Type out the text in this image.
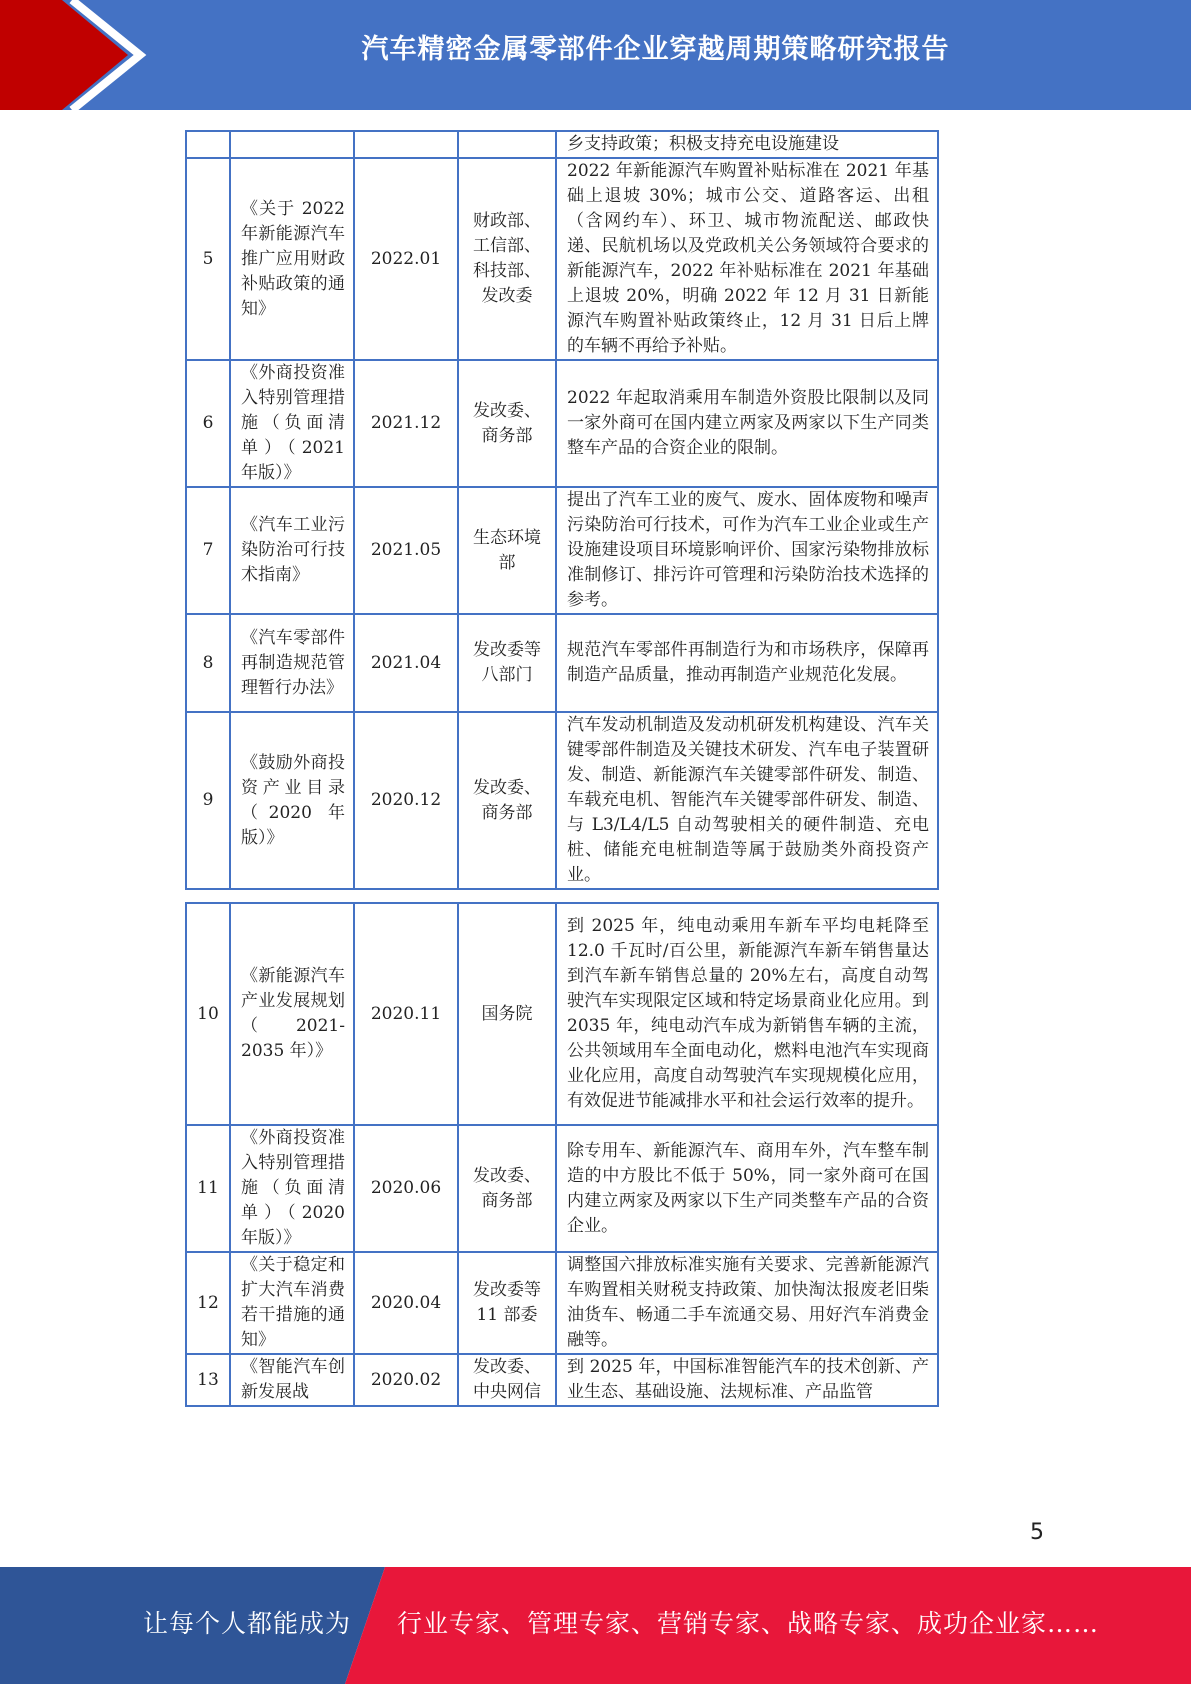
汽车精密金属零部件企业穿越周期策略研究报告
				乡支持政策；积极支持充电设施建设
5	《关于 2022 年新能源汽车推广应用财政补贴政策的通知》	2022.01	财政部、工信部、科技部、发改委	2022 年新能源汽车购置补贴标准在 2021 年基础上退坡 30%；城市公交、道路客运、出租（含网约车）、环卫、城市物流配送、邮政快递、民航机场以及党政机关公务领域符合要求的新能源汽车，2022 年补贴标准在 2021 年基础上退坡 20%，明确 2022 年 12 月 31 日新能源汽车购置补贴政策终止，12 月 31 日后上牌的车辆不再给予补贴。
6	《外商投资准入特别管理措施（负面清单）（2021 年版）》	2021.12	发改委、商务部	2022 年起取消乘用车制造外资股比限制以及同一家外商可在国内建立两家及两家以下生产同类整车产品的合资企业的限制。
7	《汽车工业污染防治可行技术指南》	2021.05	生态环境部	提出了汽车工业的废气、废水、固体废物和噪声污染防治可行技术，可作为汽车工业企业或生产设施建设项目环境影响评价、国家污染物排放标准制修订、排污许可管理和污染防治技术选择的参考。
8	《汽车零部件再制造规范管理暂行办法》	2021.04	发改委等八部门	规范汽车零部件再制造行为和市场秩序，保障再制造产品质量，推动再制造产业规范化发展。
9	《鼓励外商投资产业目录（2020 年版）》	2020.12	发改委、商务部	汽车发动机制造及发动机研发机构建设、汽车关键零部件制造及关键技术研发、汽车电子装置研发、制造、新能源汽车关键零部件研发、制造、车载充电机、智能汽车关键零部件研发、制造、与 L3/L4/L5 自动驾驶相关的硬件制造、充电桩、储能充电桩制造等属于鼓励类外商投资产业。
10	《新能源汽车产业发展规划（2021-2035 年）》	2020.11	国务院	到 2025 年，纯电动乘用车新车平均电耗降至 12.0 千瓦时/百公里，新能源汽车新车销售量达到汽车新车销售总量的 20%左右，高度自动驾驶汽车实现限定区域和特定场景商业化应用。到 2035 年，纯电动汽车成为新销售车辆的主流，公共领域用车全面电动化，燃料电池汽车实现商业化应用，高度自动驾驶汽车实现规模化应用，有效促进节能减排水平和社会运行效率的提升。
11	《外商投资准入特别管理措施（负面清单）（2020 年版）》	2020.06	发改委、商务部	除专用车、新能源汽车、商用车外，汽车整车制造的中方股比不低于 50%，同一家外商可在国内建立两家及两家以下生产同类整车产品的合资企业。
12	《关于稳定和扩大汽车消费若干措施的通知》	2020.04	发改委等 11 部委	调整国六排放标准实施有关要求、完善新能源汽车购置相关财税支持政策、加快淘汰报废老旧柴油货车、畅通二手车流通交易、用好汽车消费金融等。
13	《智能汽车创新发展战	2020.02	发改委、中央网信	到 2025 年，中国标准智能汽车的技术创新、产业生态、基础设施、法规标准、产品监管
5
让每个人都能成为 行业专家、管理专家、营销专家、战略专家、成功企业家……
